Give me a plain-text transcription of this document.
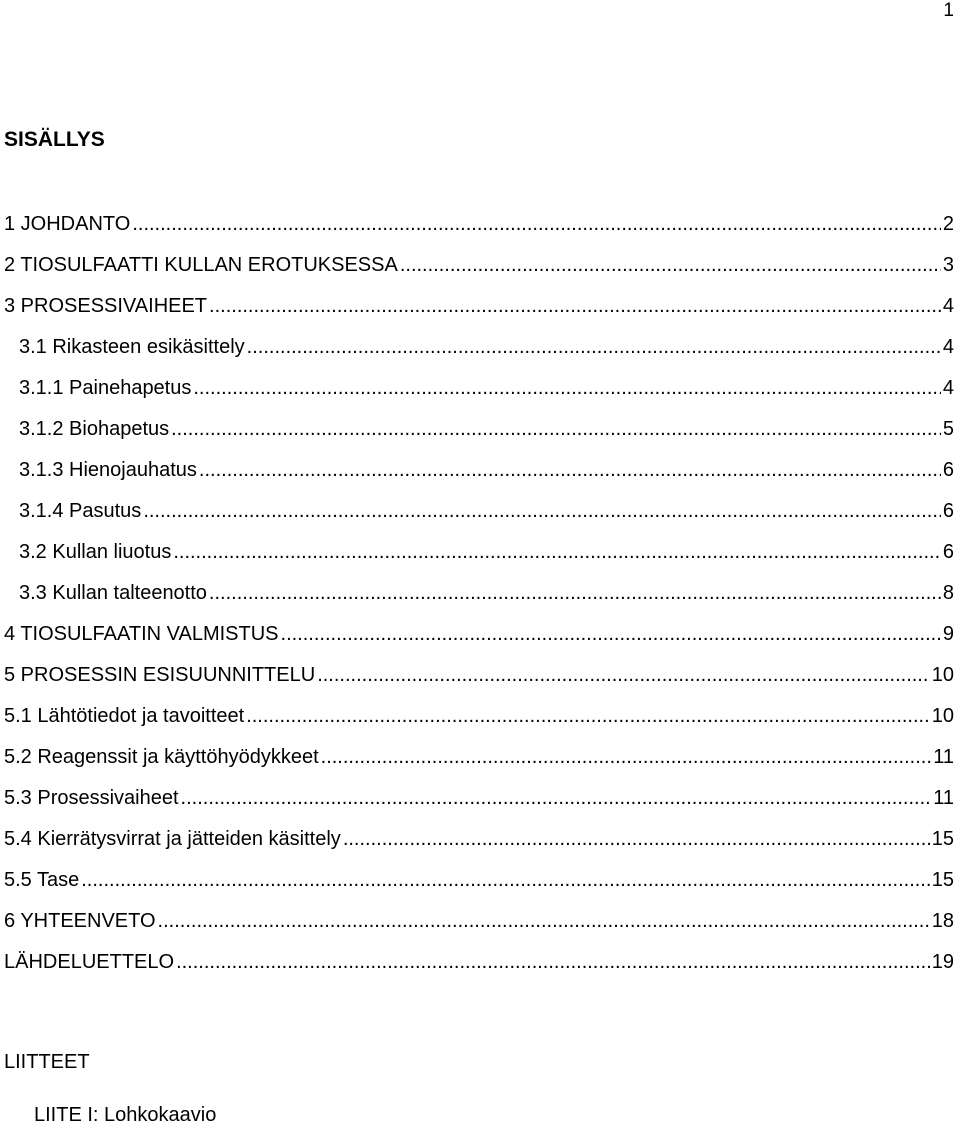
1
SISÄLLYS
1 JOHDANTO .....	2
2 TIOSULFAATTI KULLAN EROTUKSESSA .....	3
3 PROSESSIVAIHEET .....	4
3.1 Rikasteen esikäsittely .....	4
3.1.1 Painehapetus .....	4
3.1.2 Biohapetus .....	5
3.1.3 Hienojauhatus .....	6
3.1.4 Pasutus .....	6
3.2 Kullan liuotus .....	6
3.3 Kullan talteenotto .....	8
4 TIOSULFAATIN VALMISTUS .....	9
5 PROSESSIN ESISUUNNITTELU .....	10
5.1 Lähtötiedot ja tavoitteet .....	10
5.2 Reagenssit ja käyttöhyödykkeet .....	11
5.3 Prosessivaiheet .....	11
5.4 Kierrätysvirrat ja jätteiden käsittely .....	15
5.5 Tase .....	15
6 YHTEENVETO .....	18
LÄHDELUETTELO .....	19
LIITTEET
LIITE I: Lohkokaavio
